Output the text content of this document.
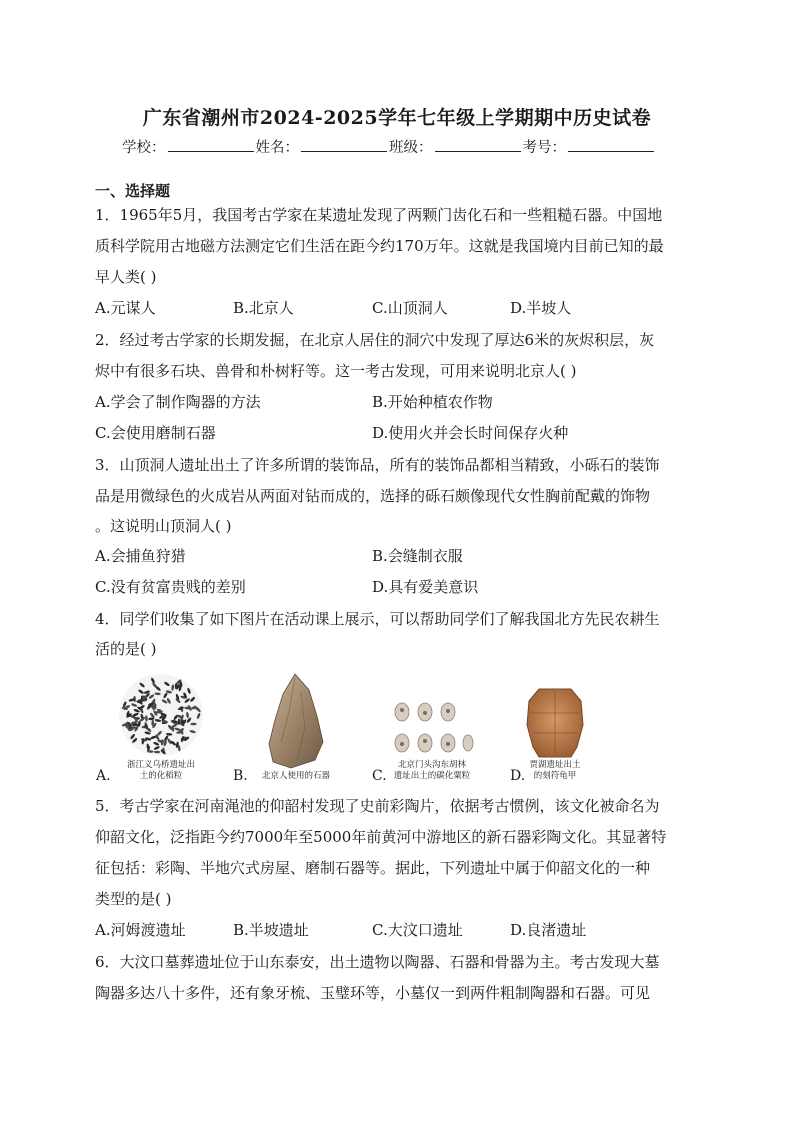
广东省潮州市2024-2025学年七年级上学期期中历史试卷
学校：	姓名：	班级：	考号：
一、选择题
1．1965年5月，我国考古学家在某遗址发现了两颗门齿化石和一些粗糙石器。中国地
质科学院用古地磁方法测定它们生活在距今约170万年。这就是我国境内目前已知的最
早人类( )
A.元谋人	B.北京人	C.山顶洞人	D.半坡人
2．经过考古学家的长期发掘，在北京人居住的洞穴中发现了厚达6米的灰烬积层，灰
烬中有很多石块、兽骨和朴树籽等。这一考古发现，可用来说明北京人( )
A.学会了制作陶器的方法	B.开始种植农作物
C.会使用磨制石器	D.使用火并会长时间保存火种
3．山顶洞人遗址出土了许多所谓的装饰品，所有的装饰品都相当精致，小砾石的装饰
品是用微绿色的火成岩从两面对钻而成的，选择的砾石颇像现代女性胸前配戴的饰物
。这说明山顶洞人( )
A.会捕鱼狩猎	B.会缝制衣服
C.没有贫富贵贱的差别	D.具有爱美意识
4．同学们收集了如下图片在活动课上展示，可以帮助同学们了解我国北方先民农耕生
活的是( )
浙江义乌桥遗址出
土的化稻粒
A.	北京人使用的石器
B.
北京门头沟东胡林
遗址出土的碳化粟粒
C.
贾湖遗址出土
的刻符龟甲
D.
5．考古学家在河南渑池的仰韶村发现了史前彩陶片，依据考古惯例，该文化被命名为
仰韶文化，泛指距今约7000年至5000年前黄河中游地区的新石器彩陶文化。其显著特
征包括：彩陶、半地穴式房屋、磨制石器等。据此，下列遗址中属于仰韶文化的一种
类型的是( )
A.河姆渡遗址	B.半坡遗址	C.大汶口遗址	D.良渚遗址
6．大汶口墓葬遗址位于山东泰安，出土遗物以陶器、石器和骨器为主。考古发现大墓
陶器多达八十多件，还有象牙梳、玉璧环等，小墓仅一到两件粗制陶器和石器。可见
